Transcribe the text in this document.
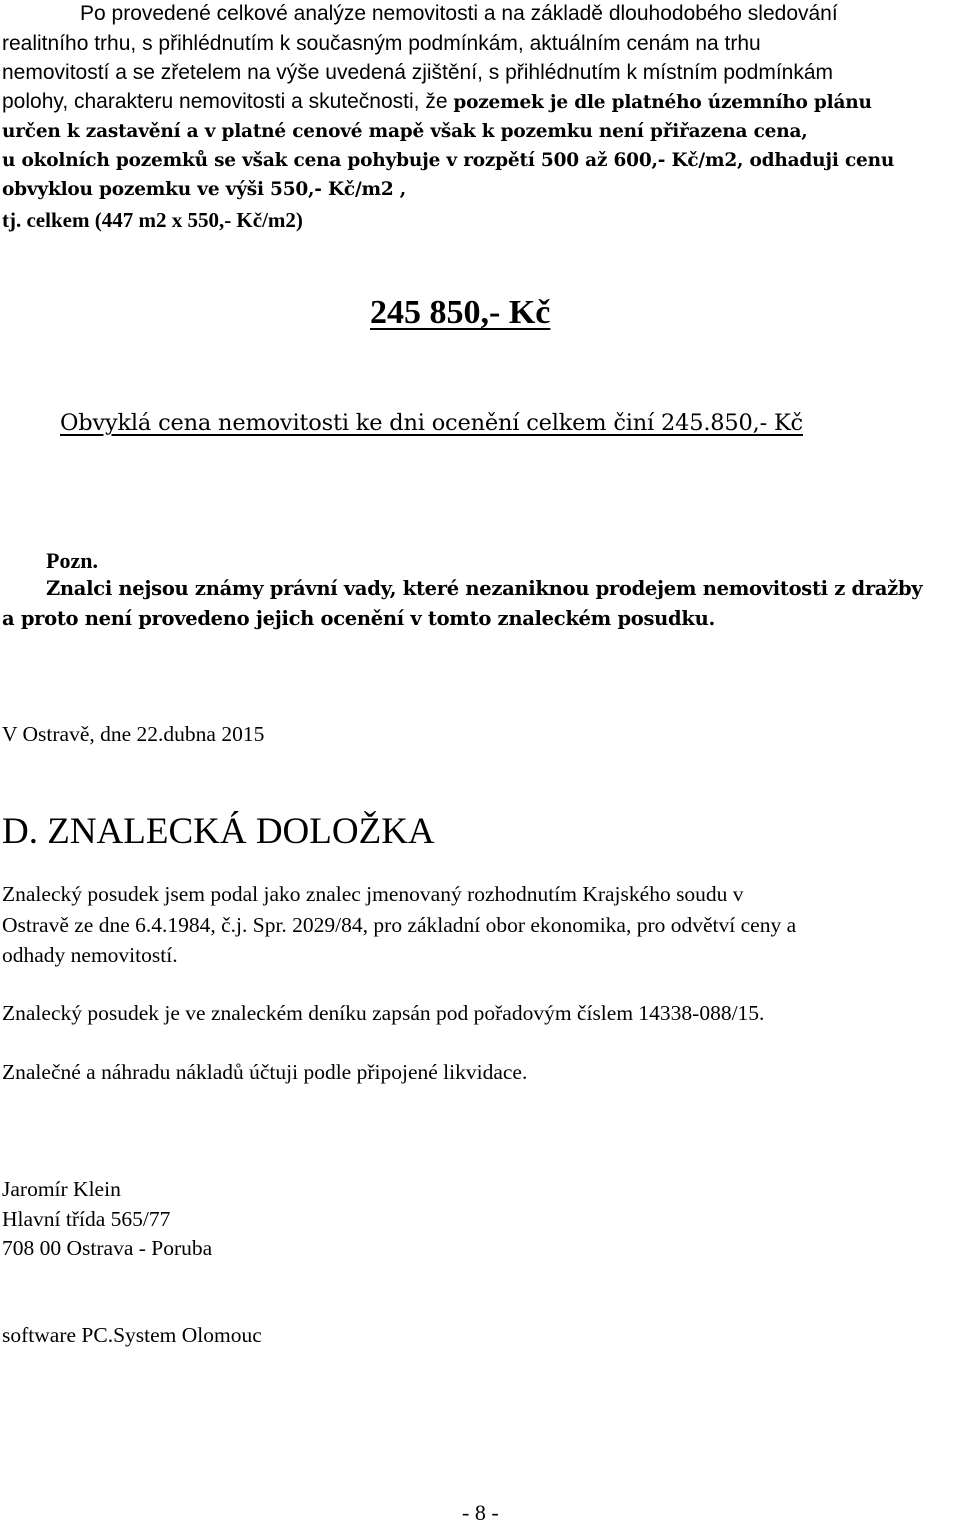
Po provedené celkové analýze nemovitosti a na základě dlouhodobého sledování
realitního trhu, s přihlédnutím k současným podmínkám, aktuálním cenám na trhu
nemovitostí a se zřetelem na výše uvedená zjištění, s přihlédnutím k místním podmínkám
polohy, charakteru nemovitosti a skutečnosti, že pozemek je dle platného územního plánu
určen k zastavění a v platné cenové mapě však k pozemku není přiřazena cena,
u okolních pozemků se však cena pohybuje v rozpětí 500 až 600,- Kč/m2, odhaduji cenu
obvyklou pozemku ve výši 550,- Kč/m2 ,
tj. celkem (447 m2 x 550,- Kč/m2)
245 850,- Kč
Obvyklá cena nemovitosti ke dni ocenění celkem činí 245.850,- Kč
Pozn.
Znalci nejsou známy právní vady, které nezaniknou prodejem nemovitosti z dražby
a proto není provedeno jejich ocenění v tomto znaleckém posudku.
V Ostravě, dne 22.dubna 2015
D. ZNALECKÁ DOLOŽKA
Znalecký posudek jsem podal jako znalec jmenovaný rozhodnutím Krajského soudu v
Ostravě ze dne 6.4.1984, č.j. Spr. 2029/84, pro základní obor ekonomika, pro odvětví ceny a
odhady nemovitostí.
Znalecký posudek je ve znaleckém deníku zapsán pod pořadovým číslem 14338-088/15.
Znalečné a náhradu nákladů účtuji podle připojené likvidace.
Jaromír Klein
Hlavní třída 565/77
708 00 Ostrava - Poruba
software PC.System Olomouc
- 8 -
